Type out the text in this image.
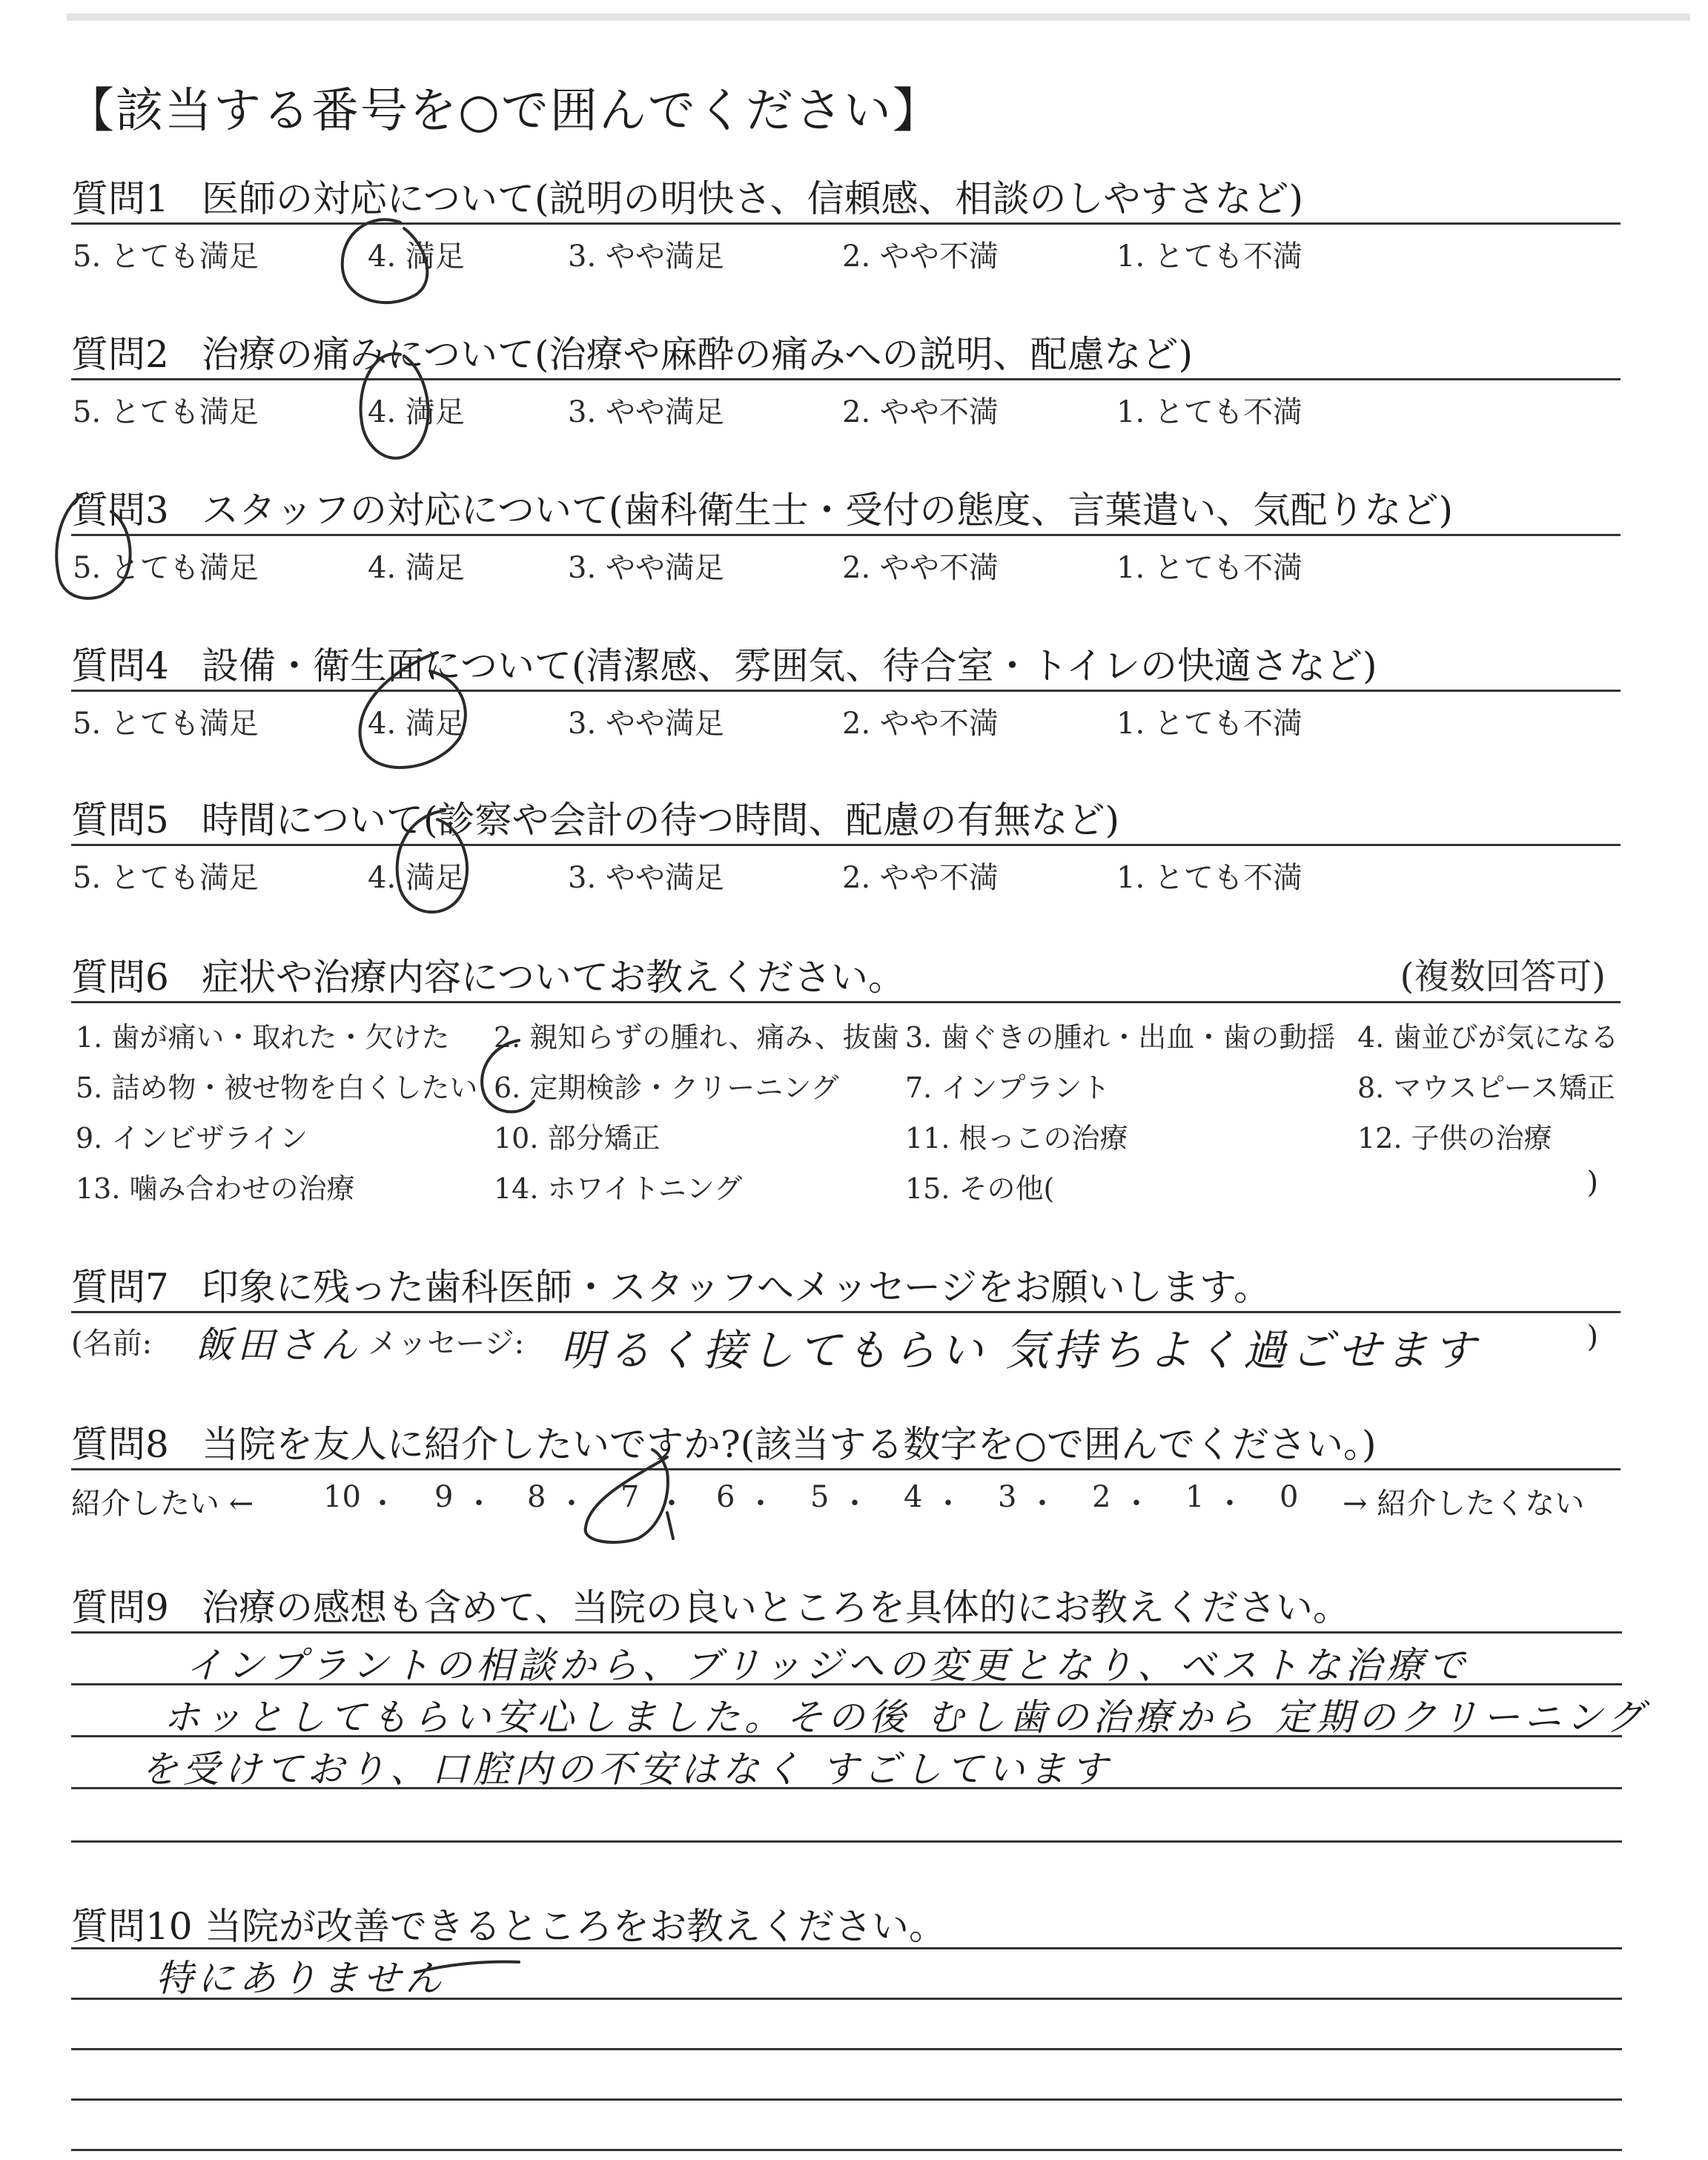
【該当する番号を○で囲んでください】
質問1 医師の対応について(説明の明快さ、信頼感、相談のしやすさなど)
5. とても満足	4. 満足	3. やや満足	2. やや不満	1. とても不満
質問2 治療の痛みについて(治療や麻酔の痛みへの説明、配慮など)
5. とても満足	4. 満足	3. やや満足	2. やや不満	1. とても不満
質問3 スタッフの対応について(歯科衛生士・受付の態度、言葉遣い、気配りなど)
5. とても満足	4. 満足	3. やや満足	2. やや不満	1. とても不満
質問4 設備・衛生面について(清潔感、雰囲気、待合室・トイレの快適さなど)
5. とても満足	4. 満足	3. やや満足	2. やや不満	1. とても不満
質問5 時間について(診察や会計の待つ時間、配慮の有無など)
5. とても満足	4. 満足	3. やや満足	2. やや不満	1. とても不満
質問6 症状や治療内容についてお教えください。	(複数回答可)
1. 歯が痛い・取れた・欠けた 2. 親知らずの腫れ、痛み、抜歯 3. 歯ぐきの腫れ・出血・歯の動揺 4. 歯並びが気になる
5. 詰め物・被せ物を白くしたい 6. 定期検診・クリーニング 7. インプラント	8. マウスピース矯正
9. インビザライン	10. 部分矯正	11. 根っこの治療	12. 子供の治療
13. 噛み合わせの治療	14. ホワイトニング	15. その他(	)
質問7 印象に残った歯科医師・スタッフへメッセージをお願いします。
(名前: 飯田さん メッセージ: 明るく接してもらい 気持ちよく過ごせます	)
質問8 当院を友人に紹介したいですか?(該当する数字を○で囲んでください。)
紹介したい ← 10 ・ 9 ・ 8 ・ 7 ・ 6 ・ 5 ・ 4 ・ 3 ・ 2 ・ 1 ・ 0 → 紹介したくない
質問9 治療の感想も含めて、当院の良いところを具体的にお教えください。
インプラントの相談から、ブリッジへの変更となり、ベストな治療で
ホッとしてもらい安心しました。その後 むし歯の治療から 定期のクリーニング
を受けており、口腔内の不安はなく すごしています
質問10 当院が改善できるところをお教えください。
特にありません
